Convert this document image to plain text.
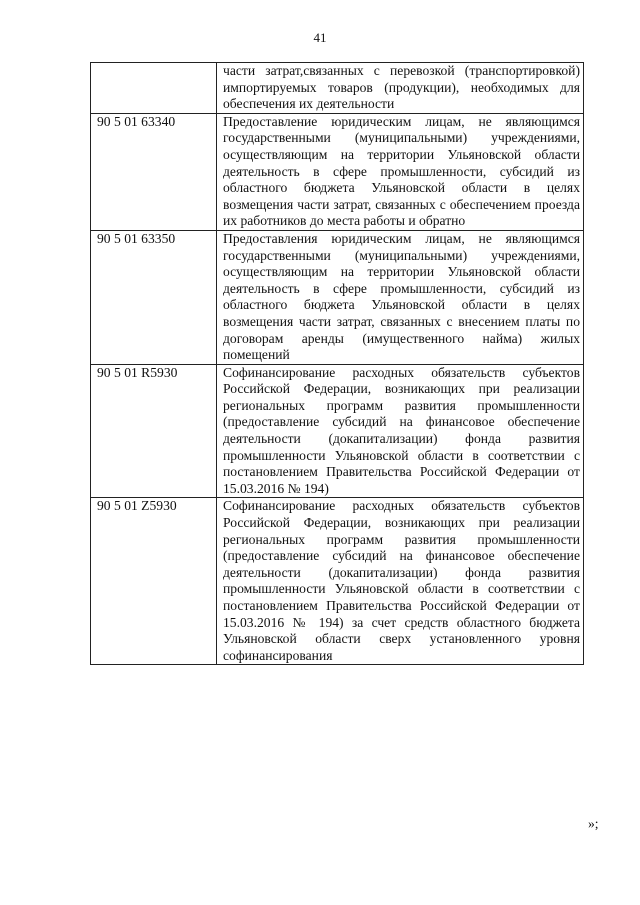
41
	части затрат,связанных с перевозкой (транспортировкой) импортируемых товаров (продукции), необходимых для обеспечения их деятельности
90 5 01 63340	Предоставление юридическим лицам, не являющимся государственными (муниципальными) учреждениями, осуществляющим на территории Ульяновской области деятельность в сфере промышленности, субсидий из областного бюджета Ульяновской области в целях возмещения части затрат, связанных с обеспечением проезда их работников до места работы и обратно
90 5 01 63350	Предоставления юридическим лицам, не являющимся государственными (муниципальными) учреждениями, осуществляющим на территории Ульяновской области деятельность в сфере промышленности, субсидий из областного бюджета Ульяновской области в целях возмещения части затрат, связанных с внесением платы по договорам аренды (имущественного найма) жилых помещений
90 5 01 R5930	Софинансирование расходных обязательств субъектов Российской Федерации, возникающих при реализации региональных программ развития промышленности (предоставление субсидий на финансовое обеспечение деятельности (докапитализации) фонда развития промышленности Ульяновской области в соответствии с постановлением Правительства Российской Федерации от 15.03.2016 № 194)
90 5 01 Z5930	Софинансирование расходных обязательств субъектов Российской Федерации, возникающих при реализации региональных программ развития промышленности (предоставление субсидий на финансовое обеспечение деятельности (докапитализации) фонда развития промышленности Ульяновской области в соответствии с постановлением Правительства Российской Федерации от 15.03.2016 № 194) за счет средств областного бюджета Ульяновской области сверх установленного уровня софинансирования
»;
